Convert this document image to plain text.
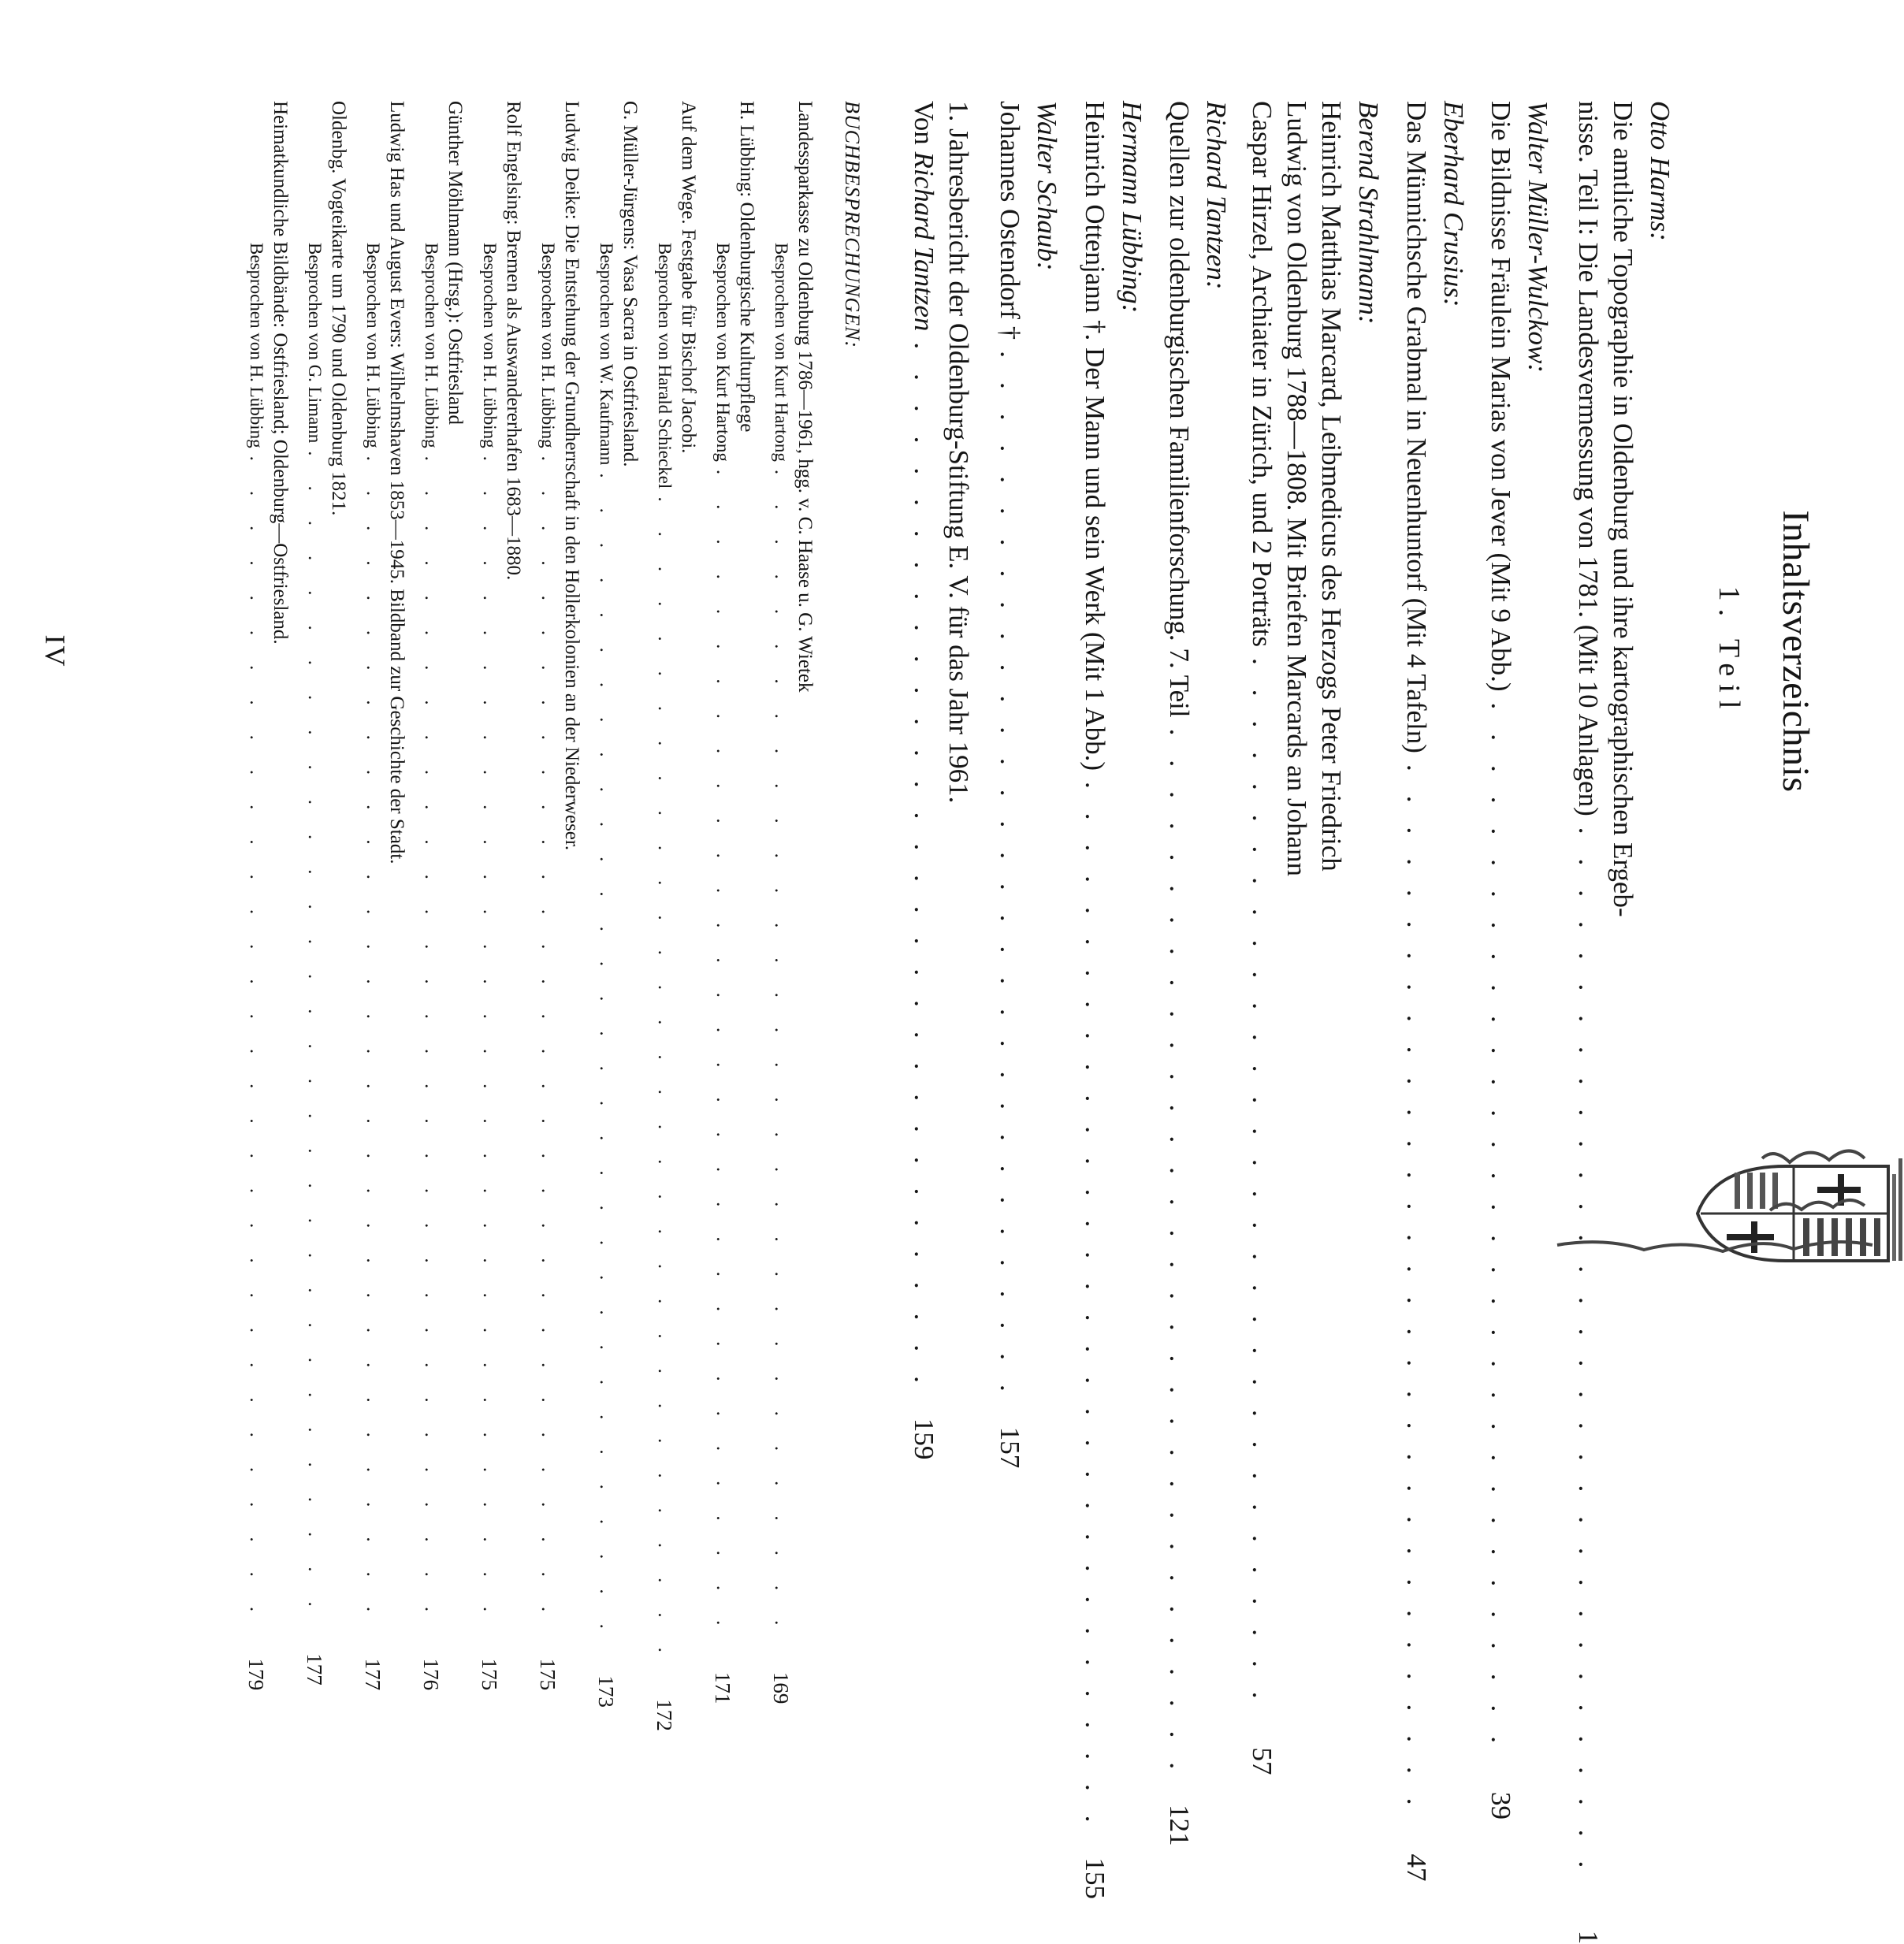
Inhaltsverzeichnis
1. Teil
Otto Harms:
Die amtliche Topographie in Oldenburg und ihre kartographischen Ergeb-
nisse. Teil I: Die Landesvermessung von 1781. (Mit 10 Anlagen)
..................................
1
Walter Müller-Wulckow:
Die Bildnisse Fräulein Marias von Jever (Mit 9 Abb.)
..................................
39
Eberhard Crusius:
Das Münnichsche Grabmal in Neuenhuntorf (Mit 4 Tafeln)
..................................
47
Berend Strahlmann:
Heinrich Matthias Marcard, Leibmedicus des Herzogs Peter Friedrich
Ludwig von Oldenburg 1788—1808. Mit Briefen Marcards an Johann
Caspar Hirzel, Archiater in Zürich, und 2 Porträts
..................................
57
Richard Tantzen:
Quellen zur oldenburgischen Familienforschung. 7. Teil
..................................
121
Hermann Lübbing:
Heinrich Ottenjann †. Der Mann und sein Werk (Mit 1 Abb.)
..................................
155
Walter Schaub:
Johannes Ostendorf †
..................................
157
1. Jahresbericht der Oldenburg-Stiftung E. V. für das Jahr 1961.
Von Richard Tantzen
..................................
159
BUCHBESPRECHUNGEN:
Landessparkasse zu Oldenburg 1786—1961, hgg. v. C. Haase u. G. Wietek
Besprochen von Kurt Hartong
..................................
169
H. Lübbing: Oldenburgische Kulturpflege
Besprochen von Kurt Hartong
..................................
171
Auf dem Wege. Festgabe für Bischof Jacobi.
Besprochen von Harald Schieckel
..................................
172
G. Müller-Jürgens: Vasa Sacra in Ostfriesland.
Besprochen von W. Kaufmann
..................................
173
Ludwig Deike: Die Entstehung der Grundherrschaft in den Hollerkolonien an der Niederweser.
Besprochen von H. Lübbing
..................................
175
Rolf Engelsing: Bremen als Auswandererhafen 1683—1880.
Besprochen von H. Lübbing
..................................
175
Günther Möhlmann (Hrsg.): Ostfriesland
Besprochen von H. Lübbing
..................................
176
Ludwig Has und August Evers: Wilhelmshaven 1853—1945. Bildband zur Geschichte der Stadt.
Besprochen von H. Lübbing
..................................
177
Oldenbg. Vogteikarte um 1790 und Oldenburg 1821.
Besprochen von G. Limann
..................................
177
Heimatkundliche Bildbände: Ostfriesland; Oldenburg—Ostfriesland.
Besprochen von H. Lübbing
..................................
179
IV
